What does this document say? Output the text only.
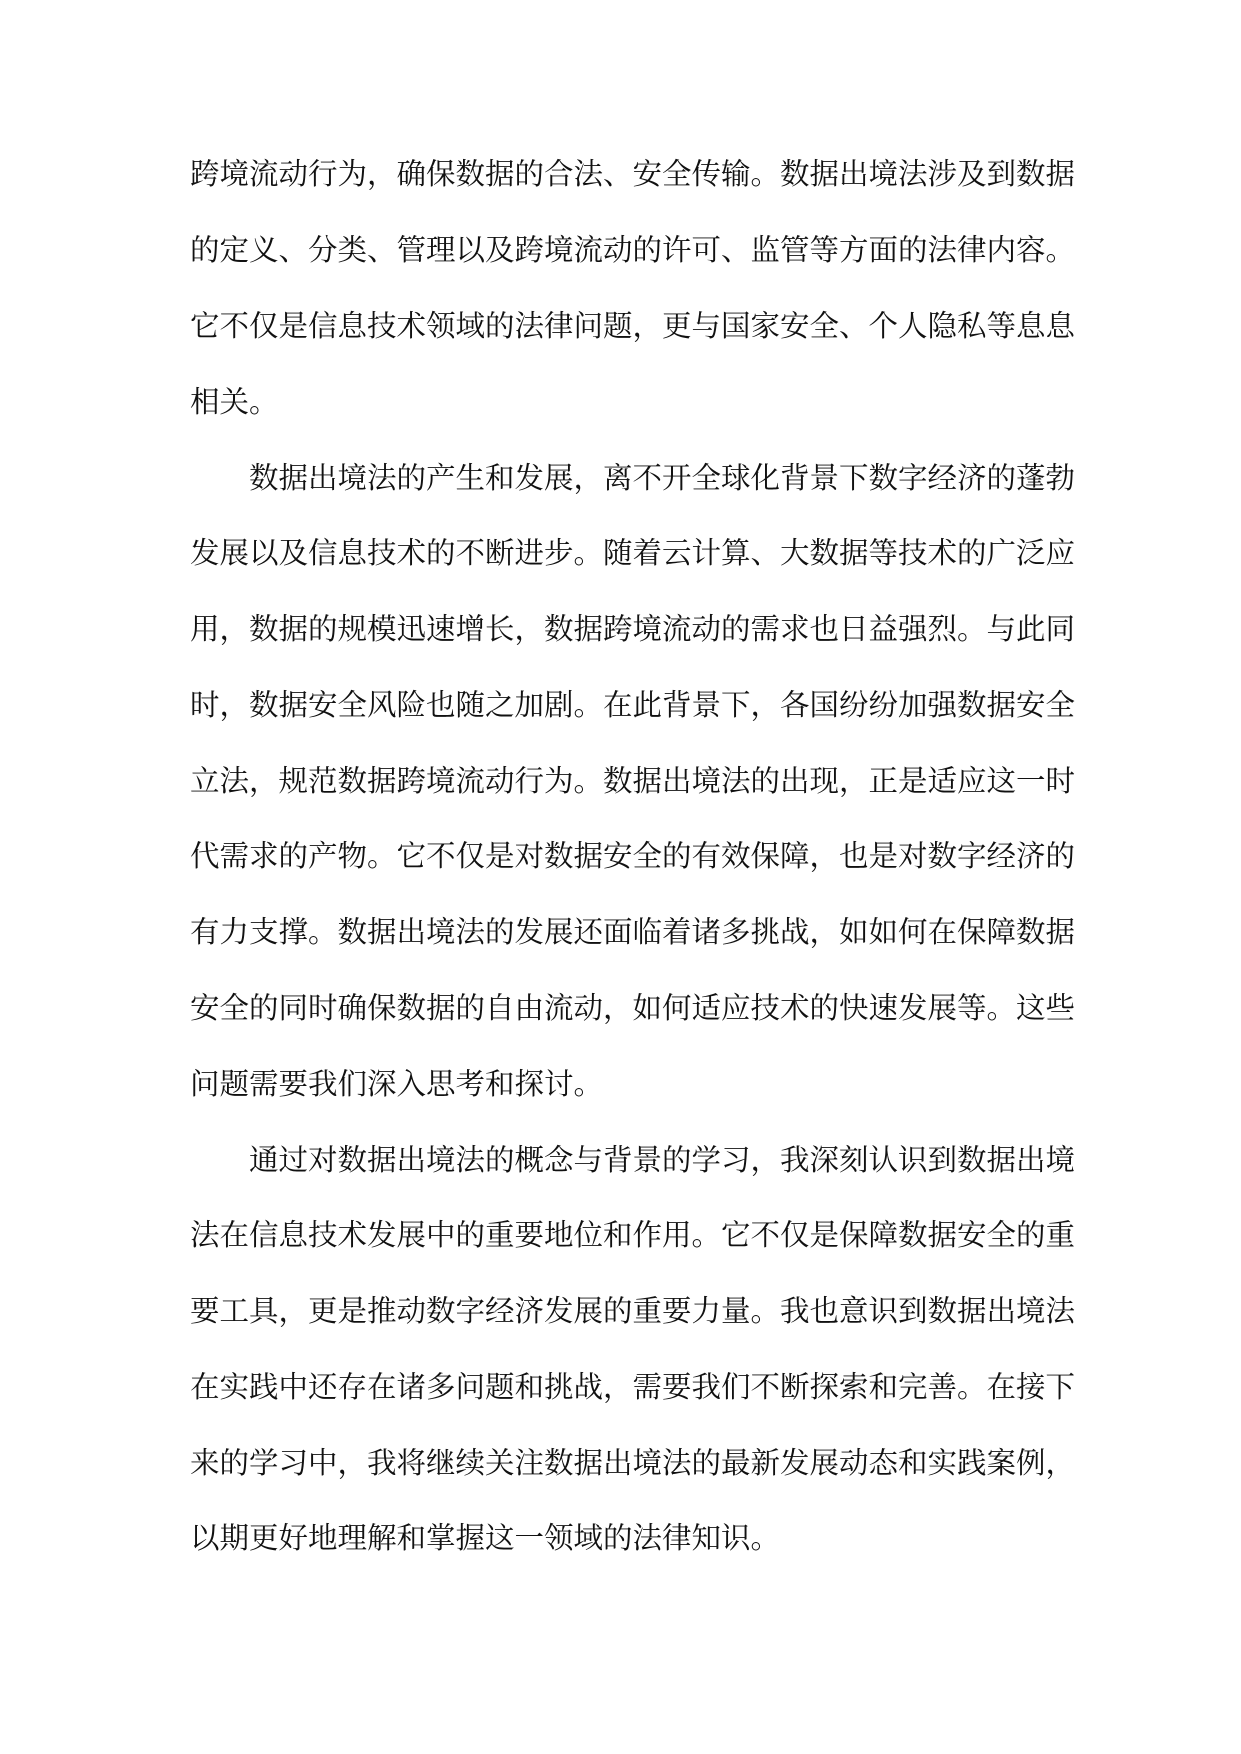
跨境流动行为，确保数据的合法、安全传输。数据出境法涉及到数据
的定义、分类、管理以及跨境流动的许可、监管等方面的法律内容。
它不仅是信息技术领域的法律问题，更与国家安全、个人隐私等息息
相关。
数据出境法的产生和发展，离不开全球化背景下数字经济的蓬勃
发展以及信息技术的不断进步。随着云计算、大数据等技术的广泛应
用，数据的规模迅速增长，数据跨境流动的需求也日益强烈。与此同
时，数据安全风险也随之加剧。在此背景下，各国纷纷加强数据安全
立法，规范数据跨境流动行为。数据出境法的出现，正是适应这一时
代需求的产物。它不仅是对数据安全的有效保障，也是对数字经济的
有力支撑。数据出境法的发展还面临着诸多挑战，如如何在保障数据
安全的同时确保数据的自由流动，如何适应技术的快速发展等。这些
问题需要我们深入思考和探讨。
通过对数据出境法的概念与背景的学习，我深刻认识到数据出境
法在信息技术发展中的重要地位和作用。它不仅是保障数据安全的重
要工具，更是推动数字经济发展的重要力量。我也意识到数据出境法
在实践中还存在诸多问题和挑战，需要我们不断探索和完善。在接下
来的学习中，我将继续关注数据出境法的最新发展动态和实践案例，
以期更好地理解和掌握这一领域的法律知识。
